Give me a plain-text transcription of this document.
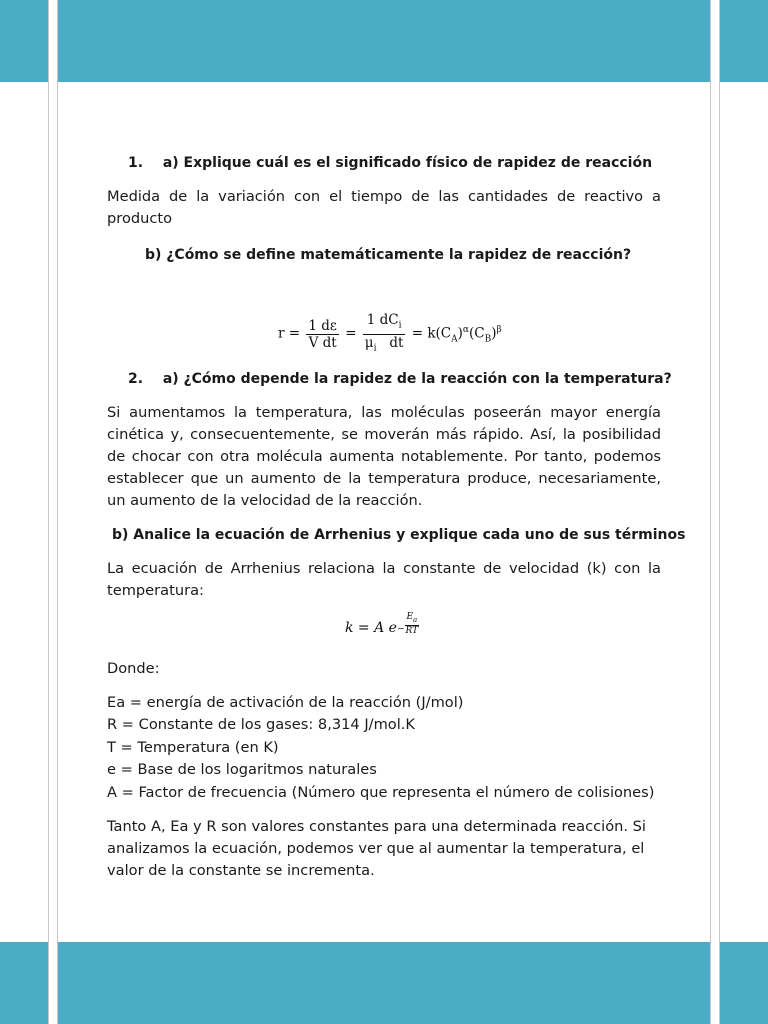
1. a) Explique cuál es el significado físico de rapidez de reacción
Medida de la variación con el tiempo de las cantidades de reactivo a producto
b) ¿Cómo se define matemáticamente la rapidez de reacción?
$r = \frac{1 d\varepsilon}{\text{V dt}} = \frac{1 dC_i}{\mu_i dt} = k(C_A)^\alpha(C_B)^\beta$
2. a) ¿Cómo depende la rapidez de la reacción con la temperatura?
Si aumentamos la temperatura, las moléculas poseerán mayor energía cinética y, consecuentemente, se moverán más rápido. Así, la posibilidad de chocar con otra molécula aumenta notablemente. Por tanto, podemos establecer que un aumento de la temperatura produce, necesariamente, un aumento de la velocidad de la reacción.
b) Analice la ecuación de Arrhenius y explique cada uno de sus términos
La ecuación de Arrhenius relaciona la constante de velocidad (k) con la temperatura:
k = A $e- \frac{E_a}{RT}$
Donde:
Ea = energía de activación de la reacción (J/mol)
R = Constante de los gases: 8,314 J/mol.K
T = Temperatura (en K)
e = Base de los logaritmos naturales
A = Factor de frecuencia (Número que representa el número de colisiones)
Tanto A, Ea y R son valores constantes para una determinada reacción. Si analizamos la ecuación, podemos ver que al aumentar la temperatura, el valor de la constante se incrementa.
